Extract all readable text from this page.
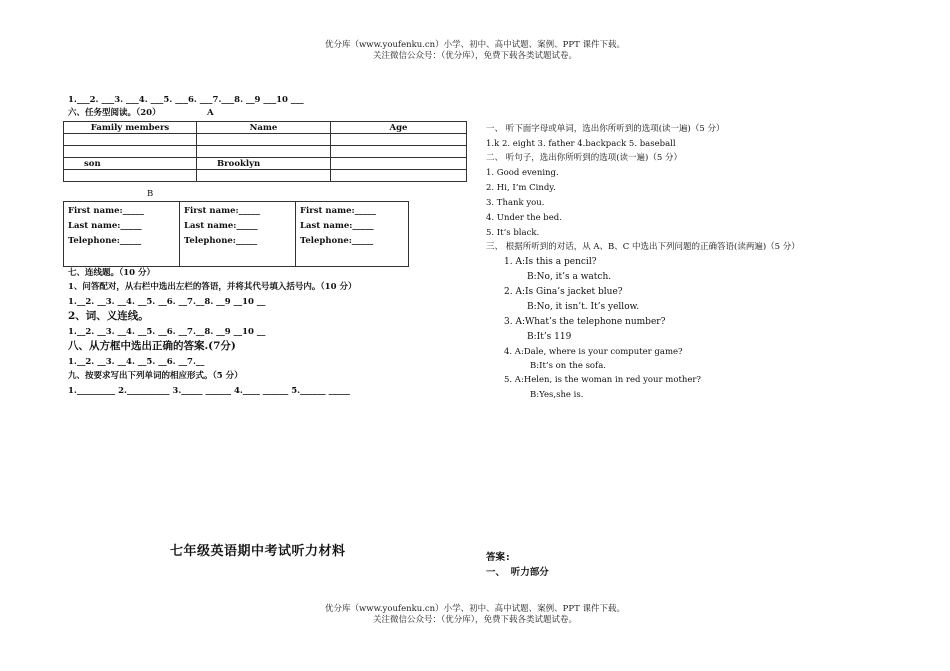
优分库（www.youfenku.cn）小学、初中、高中试题、案例、PPT 课件下载。
关注微信公众号：（优分库），免费下载各类试题试卷。
1.___2. ___3. ___4. ___5. ___6. ___7.___8. __9 ___10 ___
六、任务型阅读。（20）	A
Family members	Name	Age

son	Brooklyn	

B
First name:_____
Last name:_____
Telephone:_____

First name:_____
Last name:_____
Telephone:_____

First name:_____
Last name:_____
Telephone:_____
七、连线题。（10 分）
1、问答配对，从右栏中选出左栏的答语，并将其代号填入括号内。（10 分）
1.__2. __3. __4. __5. __6. __7.__8. __9 __10 __
2、词、义连线。
1.__2. __3. __4. __5. __6. __7.__8. __9 __10 __
八、从方框中选出正确的答案.(7分)
1.__2. __3. __4. __5. __6. __7.__
九、按要求写出下列单词的相应形式。（5 分）
1._________ 2.__________ 3._____ ______ 4.____ ______ 5.______ _____
七年级英语期中考试听力材料
一、 听下面字母或单词，选出你所听到的选项(读一遍)（5 分）
1.k 2. eight 3. father 4.backpack 5. baseball
二、 听句子，选出你所听到的选项(读一遍)（5 分）
1. Good evening.
2. Hi, I’m Cindy.
3. Thank you.
4. Under the bed.
5. It’s black.
三、 根据所听到的对话，从 A、B、C 中选出下列问题的正确答语(读两遍)（5 分）
1. A:Is this a pencil?
B:No, it’s a watch.
2. A:Is Gina’s jacket blue?
B:No, it isn’t. It’s yellow.
3. A:What’s the telephone number?
B:It’s 119
4. A:Dale, where is your computer game?
B:It’s on the sofa.
5. A:Helen, is the woman in red your mother?
B:Yes,she is.
答案:
一、 听力部分
优分库（www.youfenku.cn）小学、初中、高中试题、案例、PPT 课件下载。
关注微信公众号：（优分库），免费下载各类试题试卷。
